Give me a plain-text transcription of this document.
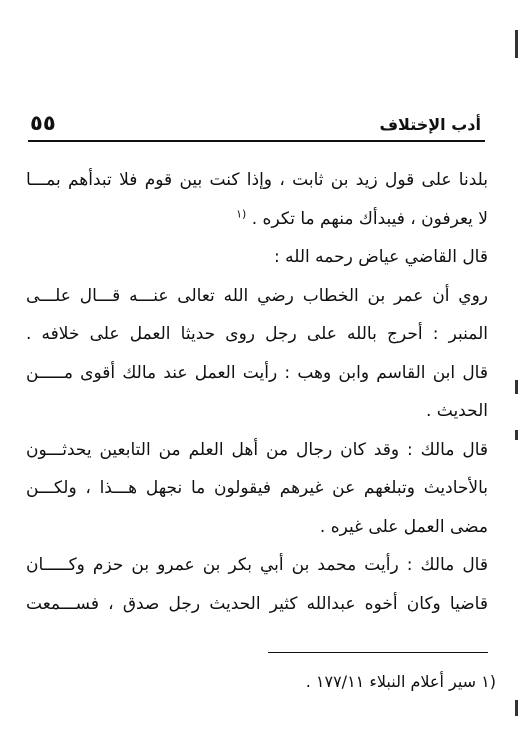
٥٥	أدب الإختلاف
بلدنا على قول زيد بن ثابت ، وإذا كنت بين قوم فلا تبدأهم بمـــا
لا يعرفون ، فيبدأك منهم ما تكره . $^{(١}$
قال القاضي عياض رحمه الله :
روي أن عمر بن الخطاب رضي الله تعالى عنـــه قـــال علـــى
المنبر : أحرج بالله على رجل روى حديثا العمل على خلافه .
قال ابن القاسم وابن وهب : رأيت العمل عند مالك أقوى مـــــن
الحديث .
قال مالك : وقد كان رجال من أهل العلم من التابعين يحدثـــون
بالأحاديث وتبلغهم عن غيرهم فيقولون ما نجهل هـــذا ، ولكـــن
مضى العمل على غيره .
قال مالك : رأيت محمد بن أبي بكر بن عمرو بن حزم وكـــــان
قاضيا وكان أخوه عبدالله كثير الحديث رجل صدق ، فســـمعت
(١ سير أعلام النبلاء ١٧٧/١١ .
